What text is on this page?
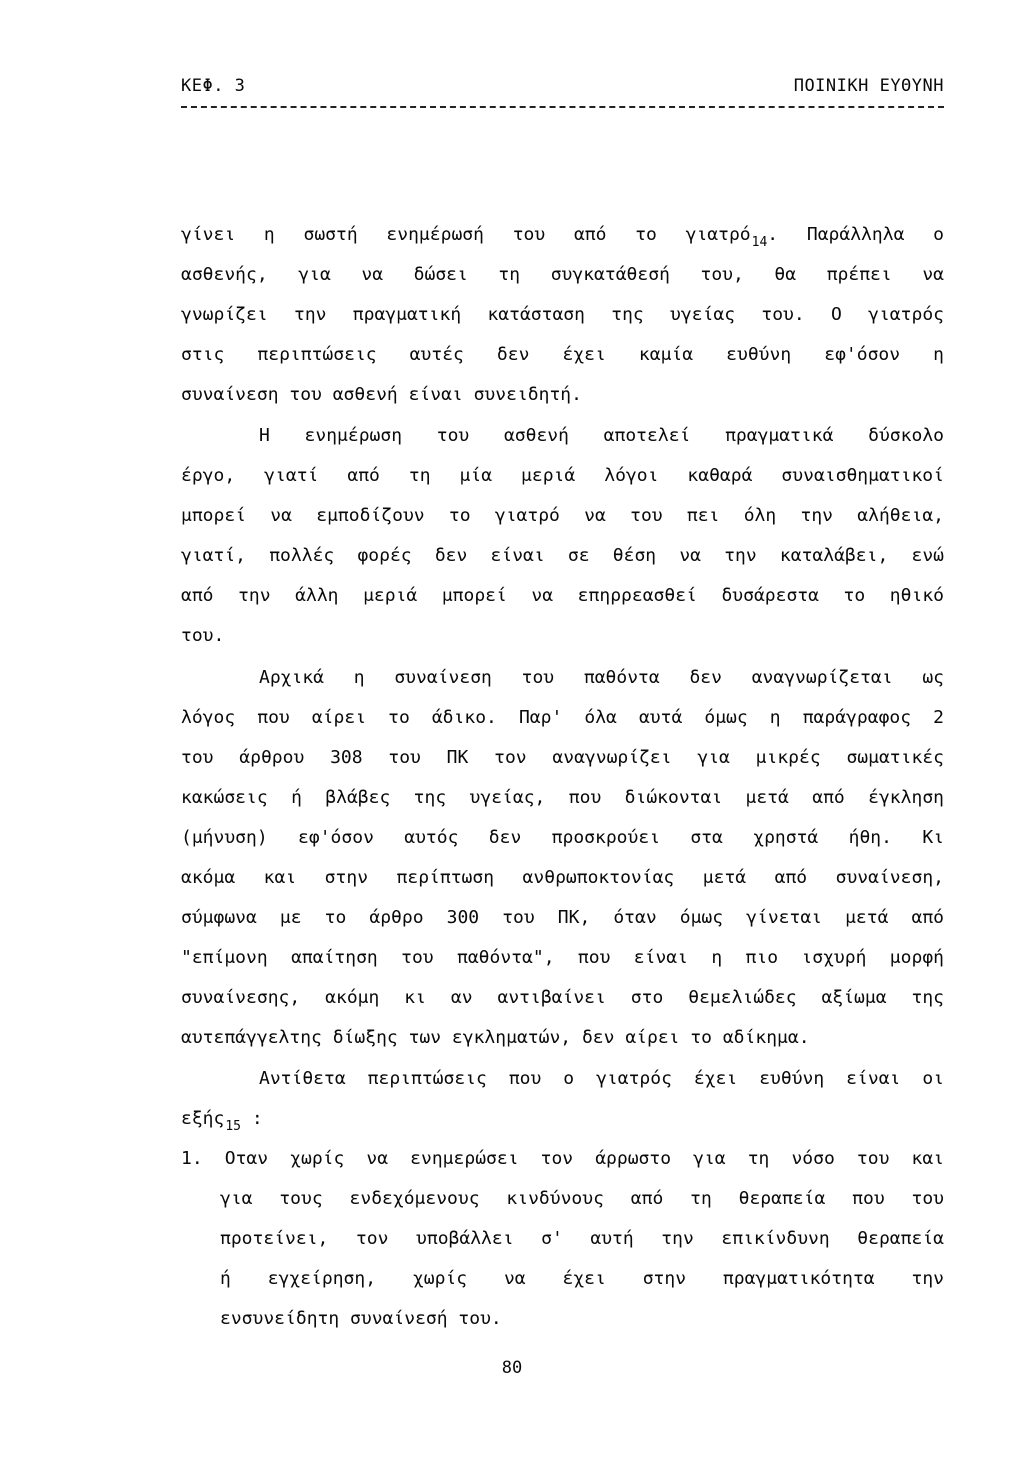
ΚΕΦ. 3	ΠΟΙΝΙΚΗ ΕΥΘΥΝΗ
γίνει η σωστή ενημέρωσή του από το γιατρό$_{14}$. Παράλληλα ο
ασθενής, για να δώσει τη συγκατάθεσή του, θα πρέπει να
γνωρίζει την πραγματική κατάσταση της υγείας του. Ο γιατρός
στις περιπτώσεις αυτές δεν έχει καμία ευθύνη εφ'όσον η
συναίνεση του ασθενή είναι συνειδητή.
Η ενημέρωση του ασθενή αποτελεί πραγματικά δύσκολο
έργο, γιατί από τη μία μεριά λόγοι καθαρά συναισθηματικοί
μπορεί να εμποδίζουν το γιατρό να του πει όλη την αλήθεια,
γιατί, πολλές φορές δεν είναι σε θέση να την καταλάβει, ενώ
από την άλλη μεριά μπορεί να επηρρεασθεί δυσάρεστα το ηθικό
του.
Αρχικά η συναίνεση του παθόντα δεν αναγνωρίζεται ως
λόγος που αίρει το άδικο. Παρ' όλα αυτά όμως η παράγραφος 2
του άρθρου 308 του ΠΚ τον αναγνωρίζει για μικρές σωματικές
κακώσεις ή βλάβες της υγείας, που διώκονται μετά από έγκληση
(μήνυση) εφ'όσον αυτός δεν προσκρούει στα χρηστά ήθη. Κι
ακόμα και στην περίπτωση ανθρωποκτονίας μετά από συναίνεση,
σύμφωνα με το άρθρο 300 του ΠΚ, όταν όμως γίνεται μετά από
"επίμονη απαίτηση του παθόντα", που είναι η πιο ισχυρή μορφή
συναίνεσης, ακόμη κι αν αντιβαίνει στο θεμελιώδες αξίωμα της
αυτεπάγγελτης δίωξης των εγκληματών, δεν αίρει το αδίκημα.
Αντίθετα περιπτώσεις που ο γιατρός έχει ευθύνη είναι οι
εξής$_{15}$ :
1. Οταν χωρίς να ενημερώσει τον άρρωστο για τη νόσο του και
για τους ενδεχόμενους κινδύνους από τη θεραπεία που του
προτείνει, τον υποβάλλει σ' αυτή την επικίνδυνη θεραπεία
ή εγχείρηση, χωρίς να έχει στην πραγματικότητα την
ενσυνείδητη συναίνεσή του.
80
